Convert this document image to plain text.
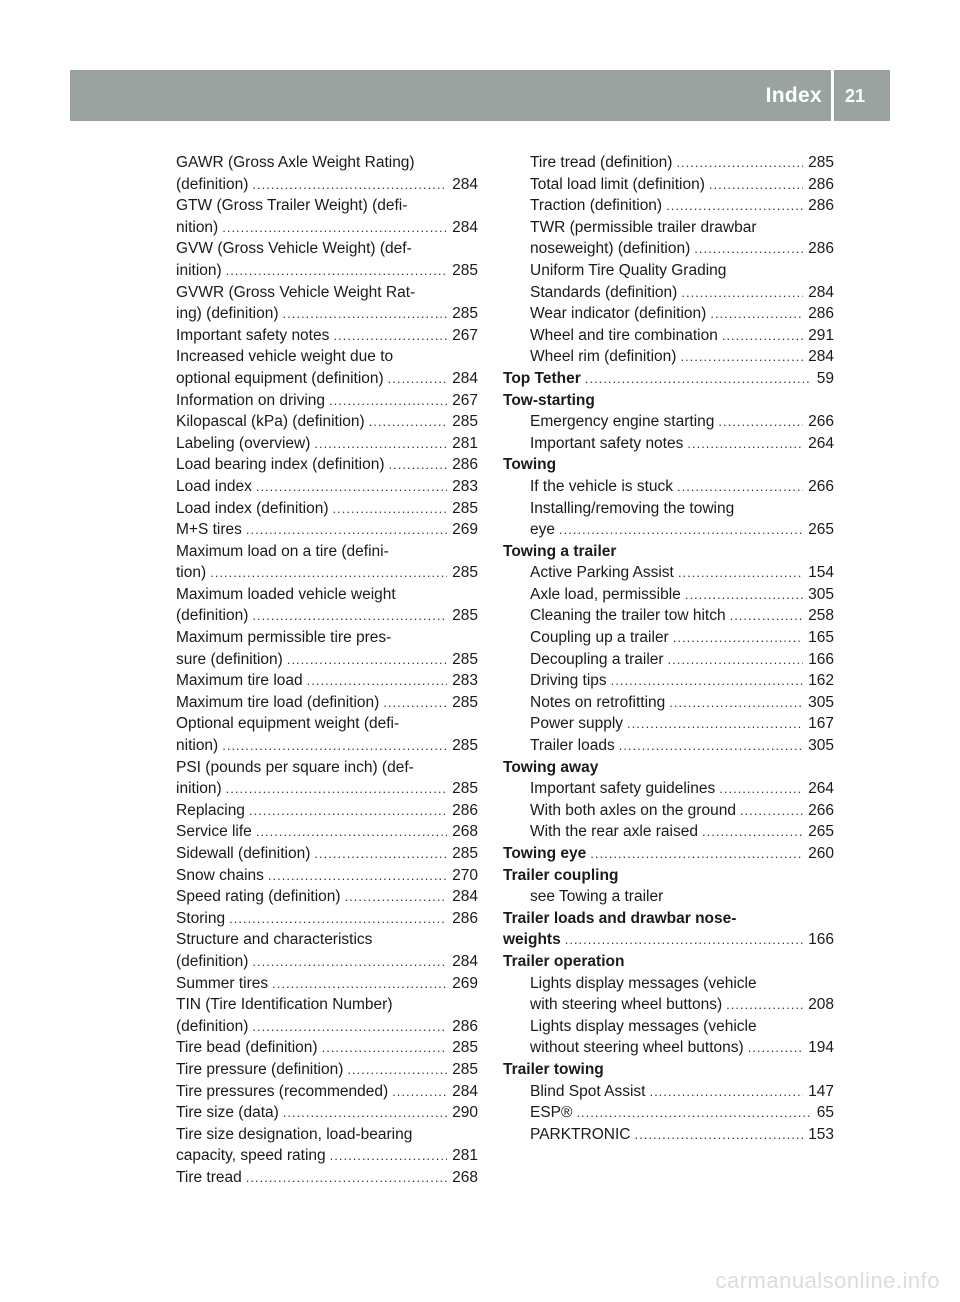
Index 21
GAWR (Gross Axle Weight Rating)
(definition) .....	284
GTW (Gross Trailer Weight) (defi-
nition) .....	284
GVW (Gross Vehicle Weight) (def-
inition) .....	285
GVWR (Gross Vehicle Weight Rat-
ing) (definition) .....	285
Important safety notes .....	267
Increased vehicle weight due to
optional equipment (definition) .....	284
Information on driving .....	267
Kilopascal (kPa) (definition) .....	285
Labeling (overview) .....	281
Load bearing index (definition) .....	286
Load index .....	283
Load index (definition) .....	285
M+S tires .....	269
Maximum load on a tire (defini-
tion) .....	285
Maximum loaded vehicle weight
(definition) .....	285
Maximum permissible tire pres-
sure (definition) .....	285
Maximum tire load .....	283
Maximum tire load (definition) .....	285
Optional equipment weight (defi-
nition) .....	285
PSI (pounds per square inch) (def-
inition) .....	285
Replacing .....	286
Service life .....	268
Sidewall (definition) .....	285
Snow chains .....	270
Speed rating (definition) .....	284
Storing .....	286
Structure and characteristics
(definition) .....	284
Summer tires .....	269
TIN (Tire Identification Number)
(definition) .....	286
Tire bead (definition) .....	285
Tire pressure (definition) .....	285
Tire pressures (recommended) .....	284
Tire size (data) .....	290
Tire size designation, load-bearing
capacity, speed rating .....	281
Tire tread .....	268
Tire tread (definition) .....	285
Total load limit (definition) .....	286
Traction (definition) .....	286
TWR (permissible trailer drawbar
noseweight) (definition) .....	286
Uniform Tire Quality Grading
Standards (definition) .....	284
Wear indicator (definition) .....	286
Wheel and tire combination .....	291
Wheel rim (definition) .....	284
Top Tether .....	59
Tow-starting
Emergency engine starting .....	266
Important safety notes .....	264
Towing
If the vehicle is stuck .....	266
Installing/removing the towing
eye .....	265
Towing a trailer
Active Parking Assist .....	154
Axle load, permissible .....	305
Cleaning the trailer tow hitch .....	258
Coupling up a trailer .....	165
Decoupling a trailer .....	166
Driving tips .....	162
Notes on retrofitting .....	305
Power supply .....	167
Trailer loads .....	305
Towing away
Important safety guidelines .....	264
With both axles on the ground .....	266
With the rear axle raised .....	265
Towing eye .....	260
Trailer coupling
see Towing a trailer
Trailer loads and drawbar nose-
weights .....	166
Trailer operation
Lights display messages (vehicle
with steering wheel buttons) .....	208
Lights display messages (vehicle
without steering wheel buttons) .....	194
Trailer towing
Blind Spot Assist .....	147
ESP® .....	65
PARKTRONIC .....	153
carmanualsonline.info
